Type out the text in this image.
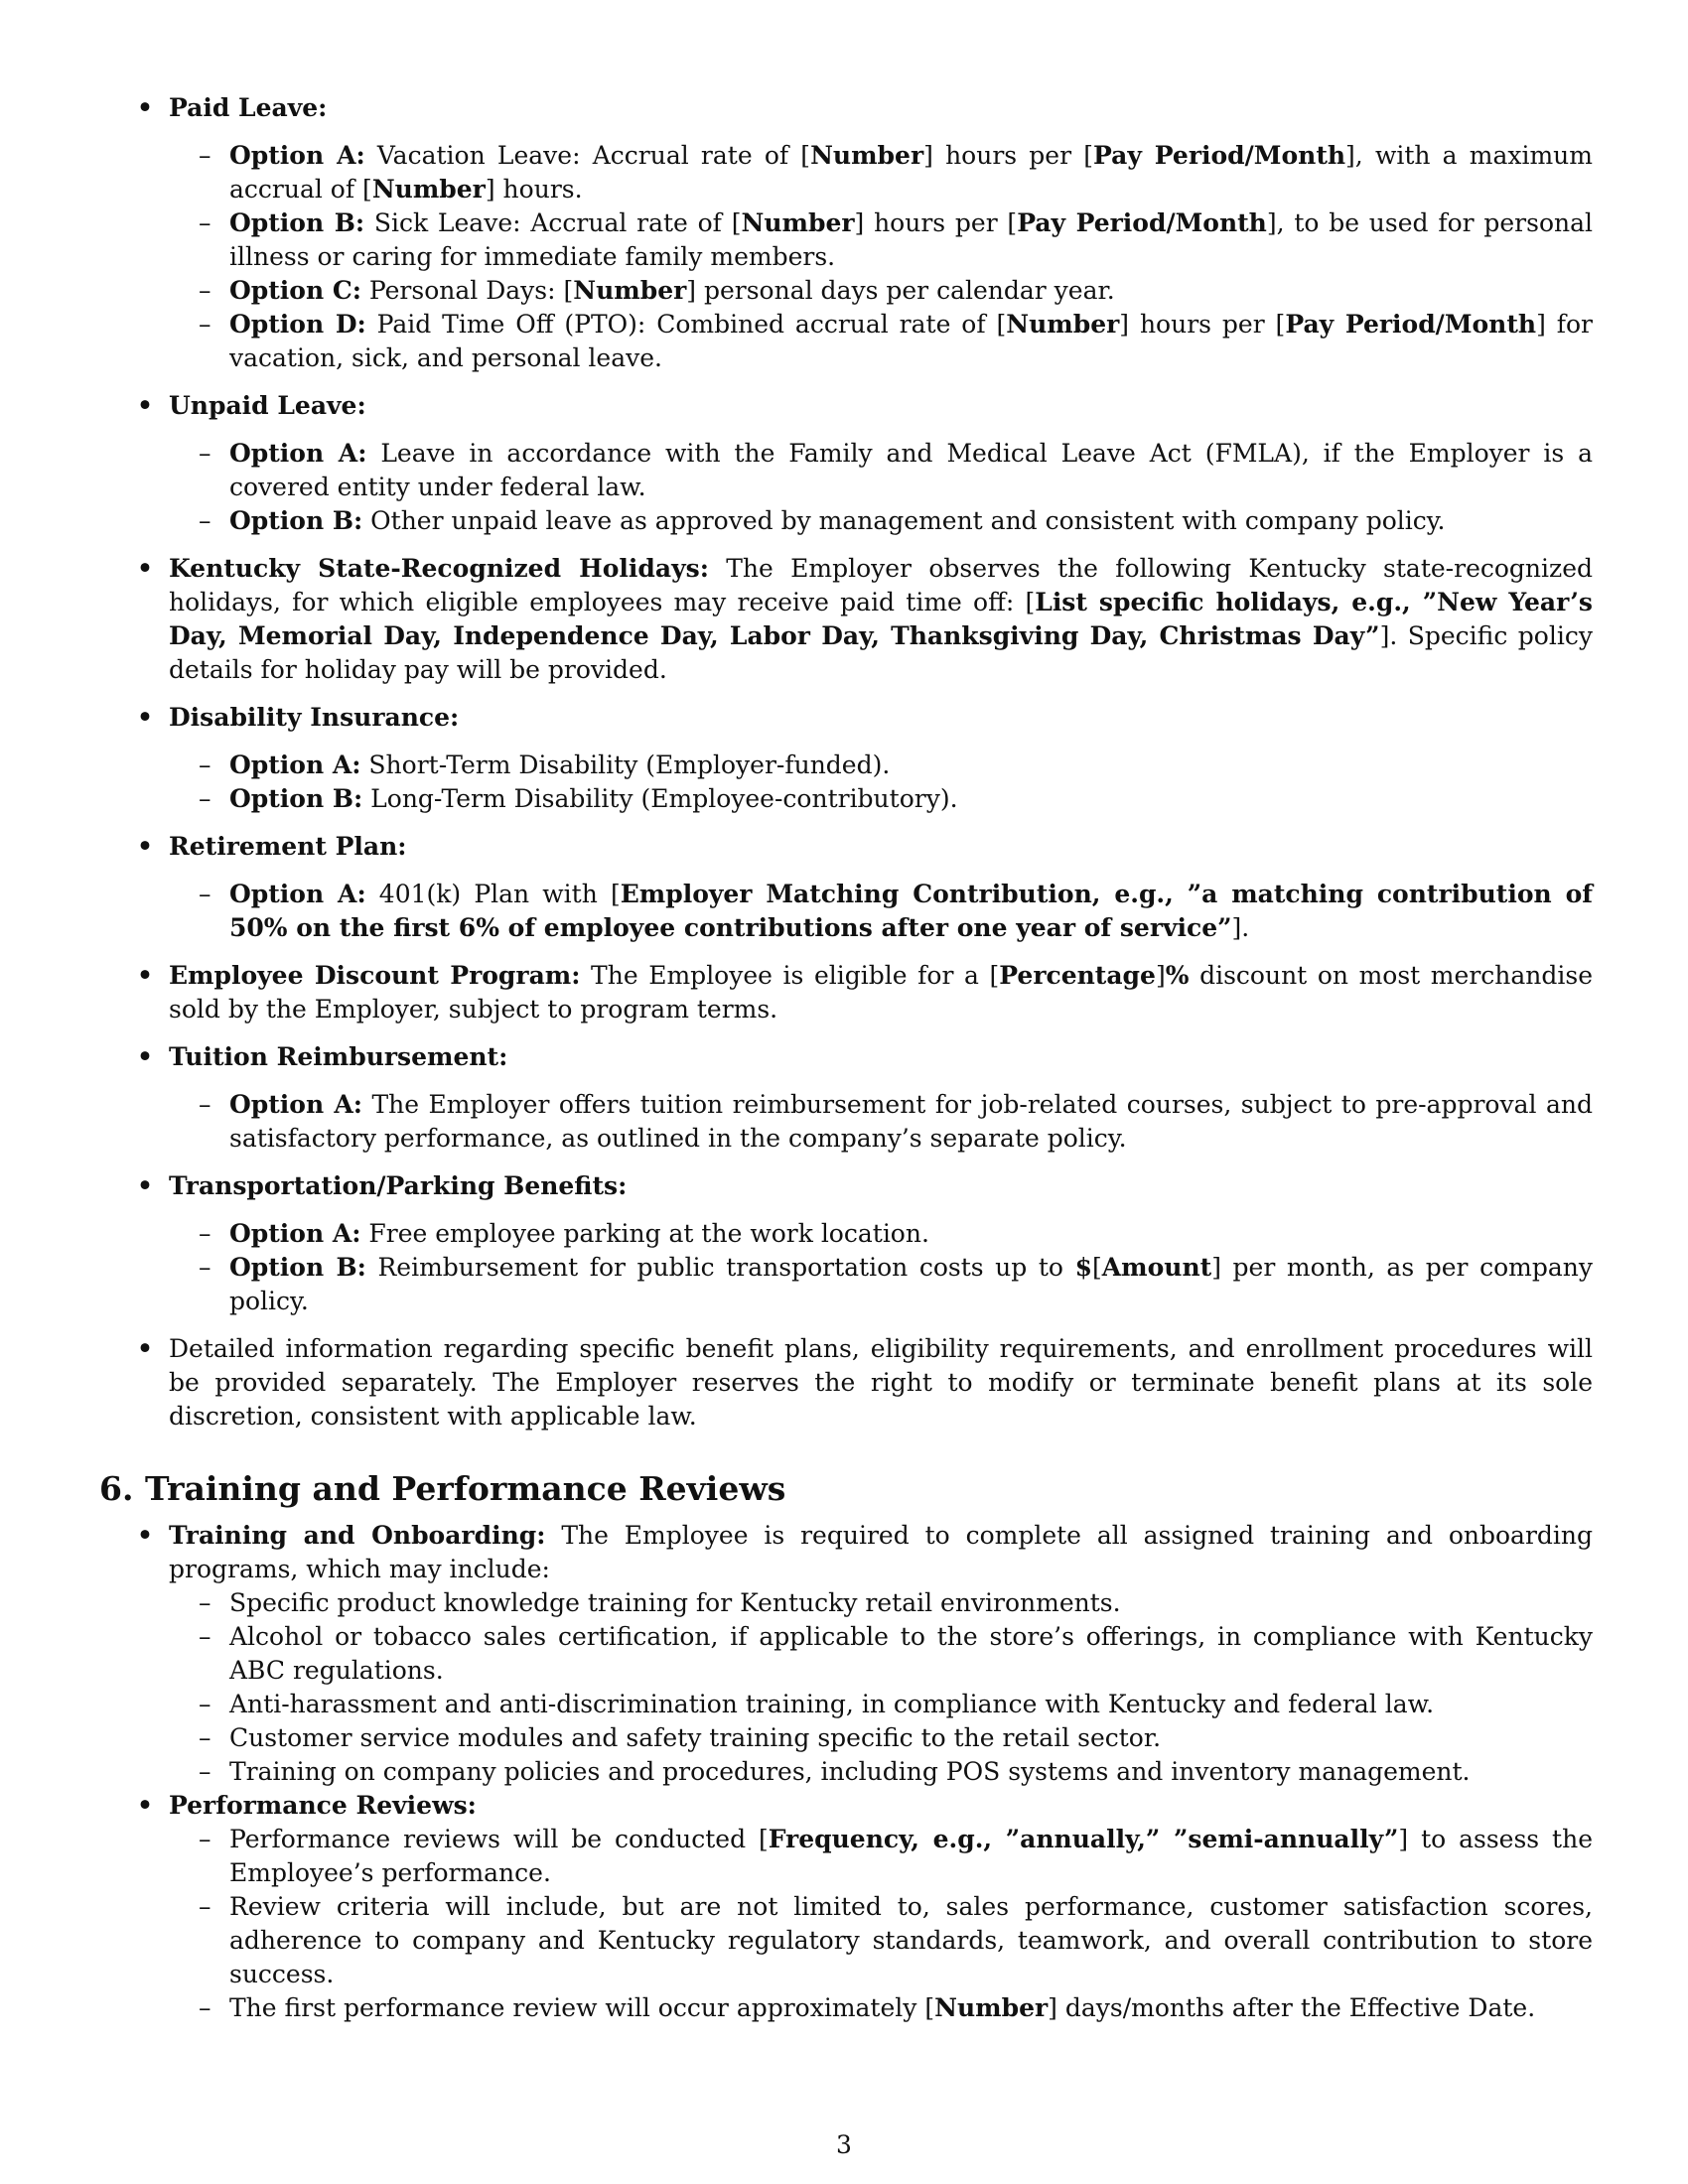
• Paid Leave:
– Option A: Vacation Leave: Accrual rate of [Number] hours per [Pay Period/Month], with a maximum accrual of [Number] hours.
– Option B: Sick Leave: Accrual rate of [Number] hours per [Pay Period/Month], to be used for personal illness or caring for immediate family members.
– Option C: Personal Days: [Number] personal days per calendar year.
– Option D: Paid Time Off (PTO): Combined accrual rate of [Number] hours per [Pay Period/Month] for vacation, sick, and personal leave.
• Unpaid Leave:
– Option A: Leave in accordance with the Family and Medical Leave Act (FMLA), if the Employer is a covered entity under federal law.
– Option B: Other unpaid leave as approved by management and consistent with company policy.
• Kentucky State-Recognized Holidays: The Employer observes the following Kentucky state-recognized holidays, for which eligible employees may receive paid time off: [List specific holidays, e.g., ”New Year’s Day, Memorial Day, Independence Day, Labor Day, Thanksgiving Day, Christmas Day”]. Specific policy details for holiday pay will be provided.
• Disability Insurance:
– Option A: Short-Term Disability (Employer-funded).
– Option B: Long-Term Disability (Employee-contributory).
• Retirement Plan:
– Option A: 401(k) Plan with [Employer Matching Contribution, e.g., ”a matching contribution of 50% on the first 6% of employee contributions after one year of service”].
• Employee Discount Program: The Employee is eligible for a [Percentage]% discount on most merchandise sold by the Employer, subject to program terms.
• Tuition Reimbursement:
– Option A: The Employer offers tuition reimbursement for job-related courses, subject to pre-approval and satisfactory performance, as outlined in the company’s separate policy.
• Transportation/Parking Benefits:
– Option A: Free employee parking at the work location.
– Option B: Reimbursement for public transportation costs up to $[Amount] per month, as per company policy.
• Detailed information regarding specific benefit plans, eligibility requirements, and enrollment procedures will be provided separately. The Employer reserves the right to modify or terminate benefit plans at its sole discretion, consistent with applicable law.
6. Training and Performance Reviews
• Training and Onboarding: The Employee is required to complete all assigned training and onboarding programs, which may include:
– Specific product knowledge training for Kentucky retail environments.
– Alcohol or tobacco sales certification, if applicable to the store’s offerings, in compliance with Kentucky ABC regulations.
– Anti-harassment and anti-discrimination training, in compliance with Kentucky and federal law.
– Customer service modules and safety training specific to the retail sector.
– Training on company policies and procedures, including POS systems and inventory management.
• Performance Reviews:
– Performance reviews will be conducted [Frequency, e.g., ”annually,” ”semi-annually”] to assess the Employee’s performance.
– Review criteria will include, but are not limited to, sales performance, customer satisfaction scores, adherence to company and Kentucky regulatory standards, teamwork, and overall contribution to store success.
– The first performance review will occur approximately [Number] days/months after the Effective Date.
3
